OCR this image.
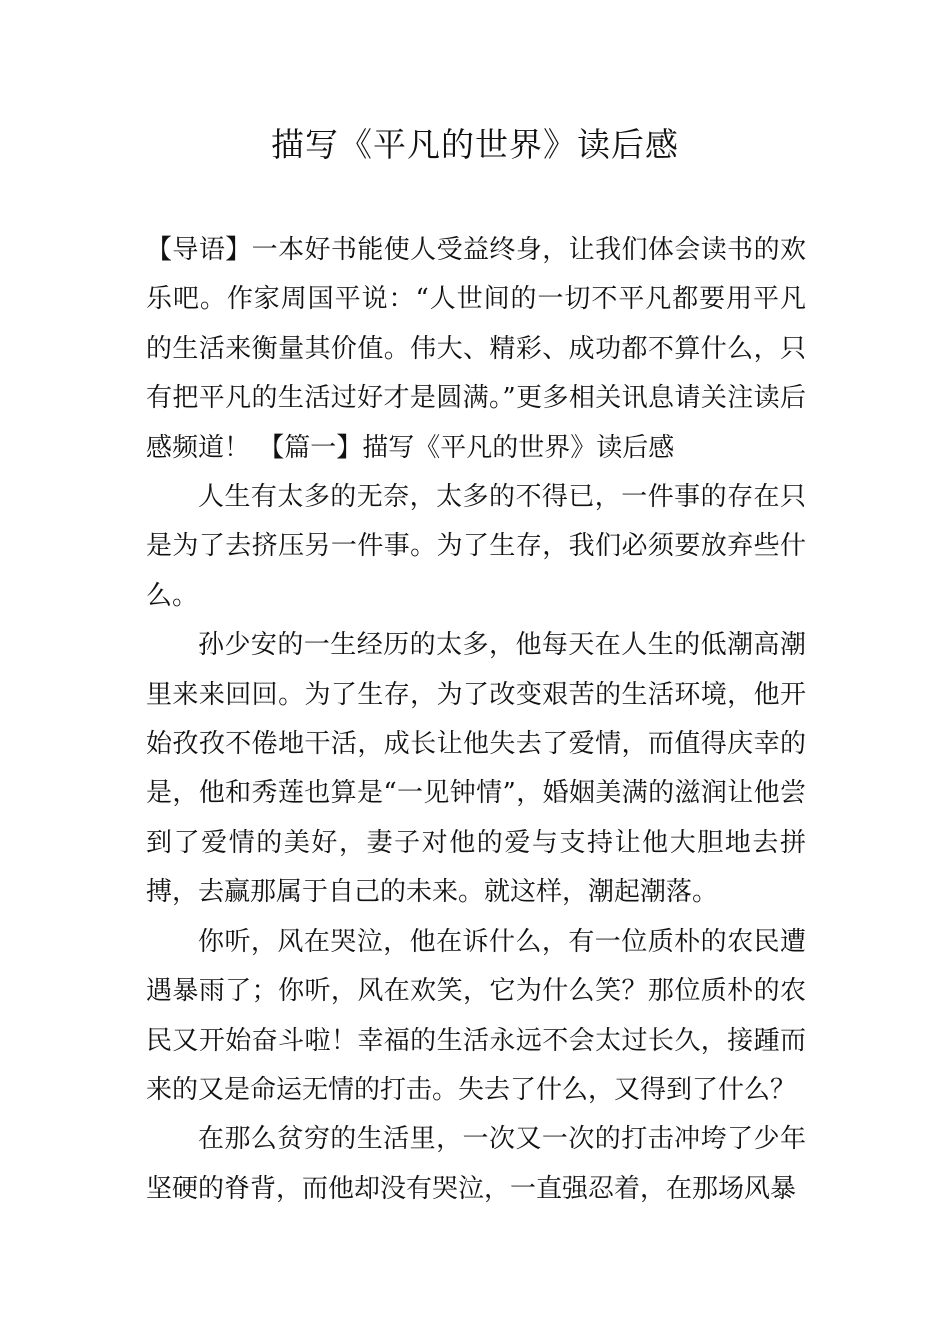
描写《平凡的世界》读后感

【导语】一本好书能使人受益终身，让我们体会读书的欢乐吧。作家周国平说：“人世间的一切不平凡都要用平凡的生活来衡量其价值。伟大、精彩、成功都不算什么，只有把平凡的生活过好才是圆满。”更多相关讯息请关注读后感频道！ 【篇一】描写《平凡的世界》读后感

人生有太多的无奈，太多的不得已，一件事的存在只是为了去挤压另一件事。为了生存，我们必须要放弃些什么。

孙少安的一生经历的太多，他每天在人生的低潮高潮里来来回回。为了生存，为了改变艰苦的生活环境，他开始孜孜不倦地干活，成长让他失去了爱情，而值得庆幸的是，他和秀莲也算是“一见钟情”，婚姻美满的滋润让他尝到了爱情的美好，妻子对他的爱与支持让他大胆地去拼搏，去赢那属于自己的未来。就这样，潮起潮落。

你听，风在哭泣，他在诉什么，有一位质朴的农民遭遇暴雨了；你听，风在欢笑，它为什么笑？那位质朴的农民又开始奋斗啦！幸福的生活永远不会太过长久，接踵而来的又是命运无情的打击。失去了什么，又得到了什么？

在那么贫穷的生活里，一次又一次的打击冲垮了少年坚硬的脊背，而他却没有哭泣，一直强忍着，在那场风暴
